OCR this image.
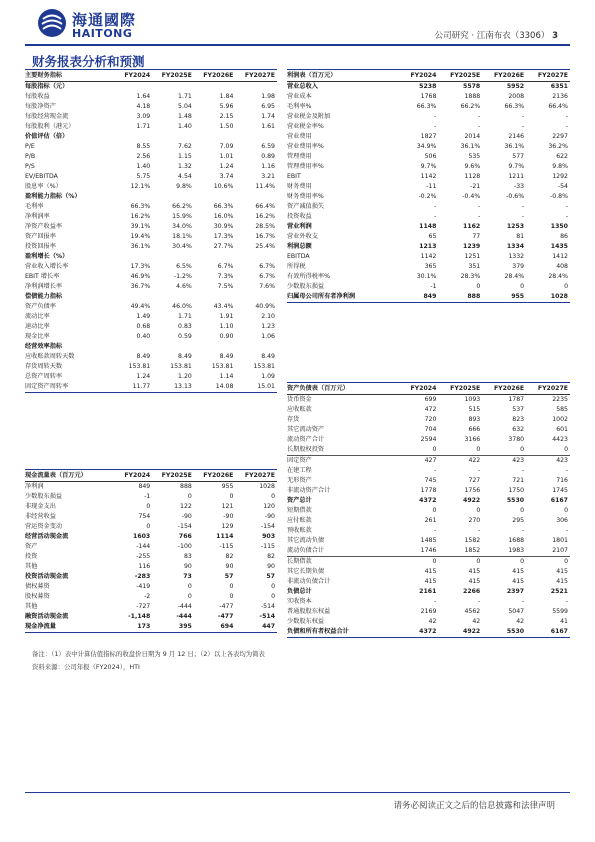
海通國際
HAITONG	公司研究 · 江南布衣（3306） 3
财务报表分析和预测
主要财务指标	FY2024	FY2025E	FY2026E	FY2027E
每股指标（元）				
每股收益	1.64	1.71	1.84	1.98
每股净资产	4.18	5.04	5.96	6.95
每股经营现金流	3.09	1.48	2.15	1.74
每股股利（港元）	1.71	1.40	1.50	1.61
价值评估（倍）				
P/E	8.55	7.62	7.09	6.59
P/B	2.56	1.15	1.01	0.89
P/S	1.40	1.32	1.24	1.16
EV/EBITDA	5.75	4.54	3.74	3.21
股息率（%）	12.1%	9.8%	10.6%	11.4%
盈利能力指标（%）				
毛利率	66.3%	66.2%	66.3%	66.4%
净利润率	16.2%	15.9%	16.0%	16.2%
净资产收益率	39.1%	34.0%	30.9%	28.5%
资产回报率	19.4%	18.1%	17.3%	16.7%
投资回报率	36.1%	30.4%	27.7%	25.4%
盈利增长（%）				
营业收入增长率	17.3%	6.5%	6.7%	6.7%
EBIT 增长率	46.9%	-1.2%	7.3%	6.7%
净利润增长率	36.7%	4.6%	7.5%	7.6%
偿债能力指标				
资产负债率	49.4%	46.0%	43.4%	40.9%
流动比率	1.49	1.71	1.91	2.10
速动比率	0.68	0.83	1.10	1.23
现金比率	0.40	0.59	0.90	1.06
经营效率指标				
应收账款周转天数	8.49	8.49	8.49	8.49
存货周转天数	153.81	153.81	153.81	153.81
总资产周转率	1.24	1.20	1.14	1.09
固定资产周转率	11.77	13.13	14.08	15.01
利润表（百万元）	FY2024	FY2025E	FY2026E	FY2027E
营业总收入	5238	5578	5952	6351
营业成本	1768	1888	2008	2136
毛利率%	66.3%	66.2%	66.3%	66.4%
营业税金及附加	-	-	-	-
营业税金率%	-	-	-	-
营业费用	1827	2014	2146	2297
营业费用率%	34.9%	36.1%	36.1%	36.2%
管理费用	506	535	577	622
管理费用率%	9.7%	9.6%	9.7%	9.8%
EBIT	1142	1128	1211	1292
财务费用	-11	-21	-33	-54
财务费用率%	-0.2%	-0.4%	-0.6%	-0.8%
资产减值损失	-	-	-	-
投资收益	-	-	-	-
营业利润	1148	1162	1253	1350
营业外收支	65	77	81	86
利润总额	1213	1239	1334	1435
EBITDA	1142	1251	1332	1412
所得税	365	351	379	408
有效所得税率%	30.1%	28.3%	28.4%	28.4%
少数股东损益	-1	0	0	0
归属母公司所有者净利润	849	888	955	1028
资产负债表（百万元）	FY2024	FY2025E	FY2026E	FY2027E
货币资金	699	1093	1787	2235
应收账款	472	515	537	585
存货	720	893	823	1002
其它流动资产	704	666	632	601
流动资产合计	2594	3166	3780	4423
长期股权投资	0	0	0	0
固定资产	427	422	423	423
在建工程	-	-	-	-
无形资产	745	727	721	716
非流动资产合计	1778	1756	1750	1745
资产总计	4372	4922	5530	6167
短期借款	0	0	0	0
应付账款	261	270	295	306
预收账款	-	-	-	-
其它流动负债	1485	1582	1688	1801
流动负债合计	1746	1852	1983	2107
长期借款	0	0	0	0
其它长期负债	415	415	415	415
非流动负债合计	415	415	415	415
负债总计	2161	2266	2397	2521
实收资本	-	-	-	-
普通股股东权益	2169	4562	5047	5599
少数股东权益	42	42	42	41
负债和所有者权益合计	4372	4922	5530	6167
现金流量表（百万元）	FY2024	FY2025E	FY2026E	FY2027E
净利润	849	888	955	1028
少数股东损益	-1	0	0	0
非现金支出	0	122	121	120
非经营收益	754	-90	-90	-90
营运资金变动	0	-154	129	-154
经营活动现金流	1603	766	1114	903
资产	-144	-100	-115	-115
投资	-255	83	82	82
其他	116	90	90	90
投资活动现金流	-283	73	57	57
债权募资	-419	0	0	0
股权募资	-2	0	0	0
其他	-727	-444	-477	-514
融资活动现金流	-1,148	-444	-477	-514
现金净流量	173	395	694	447
备注：（1）表中计算估值指标的收盘价日期为 9 月 12 日；（2）以上各表均为简表
资料来源：公司年报（FY2024），HTI
请务必阅读正文之后的信息披露和法律声明
